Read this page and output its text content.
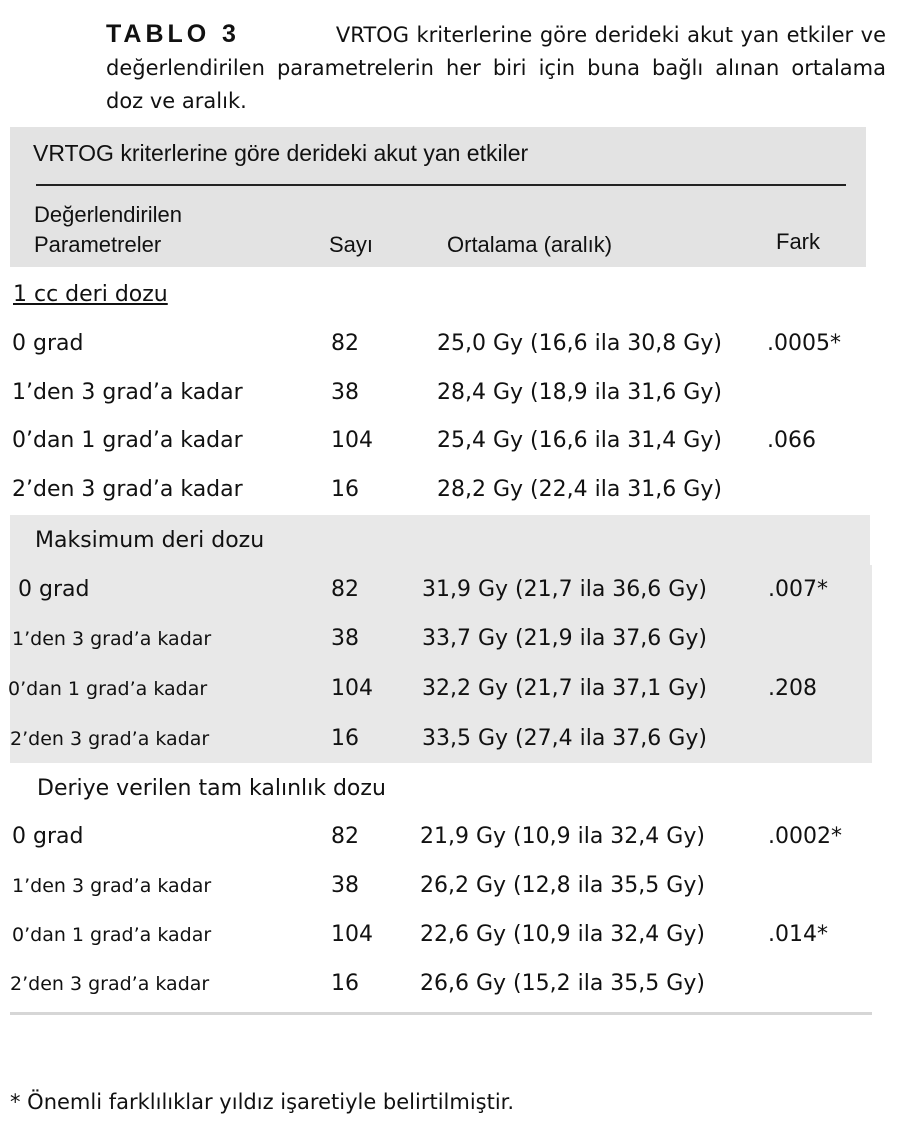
TABLO 3	VRTOG kriterlerine göre derideki akut yan etkiler ve değerlendirilen parametrelerin her biri için buna bağlı alınan ortalama doz ve aralık.
VRTOG kriterlerine göre derideki akut yan etkiler
Değerlendirilen
Parametreler	Sayı	Ortalama (aralık)	Fark
1 cc deri dozu
0 grad	82	25,0 Gy (16,6 ila 30,8 Gy) .0005*
1’den 3 grad’a kadar	38	28,4 Gy (18,9 ila 31,6 Gy)
0’dan 1 grad’a kadar	104	25,4 Gy (16,6 ila 31,4 Gy) .066
2’den 3 grad’a kadar	16	28,2 Gy (22,4 ila 31,6 Gy)
Maksimum deri dozu
0 grad	82	31,9 Gy (21,7 ila 36,6 Gy)	.007*
1’den 3 grad’a kadar	38	33,7 Gy (21,9 ila 37,6 Gy)
0’dan 1 grad’a kadar	104 32,2 Gy (21,7 ila 37,1 Gy)	.208
2’den 3 grad’a kadar	16	33,5 Gy (27,4 ila 37,6 Gy)
Deriye verilen tam kalınlık dozu
0 grad	82	21,9 Gy (10,9 ila 32,4 Gy)	.0002*
1’den 3 grad’a kadar	38	26,2 Gy (12,8 ila 35,5 Gy)
0’dan 1 grad’a kadar	104 22,6 Gy (10,9 ila 32,4 Gy)	.014*
2’den 3 grad’a kadar	16	26,6 Gy (15,2 ila 35,5 Gy)
* Önemli farklılıklar yıldız işaretiyle belirtilmiştir.
